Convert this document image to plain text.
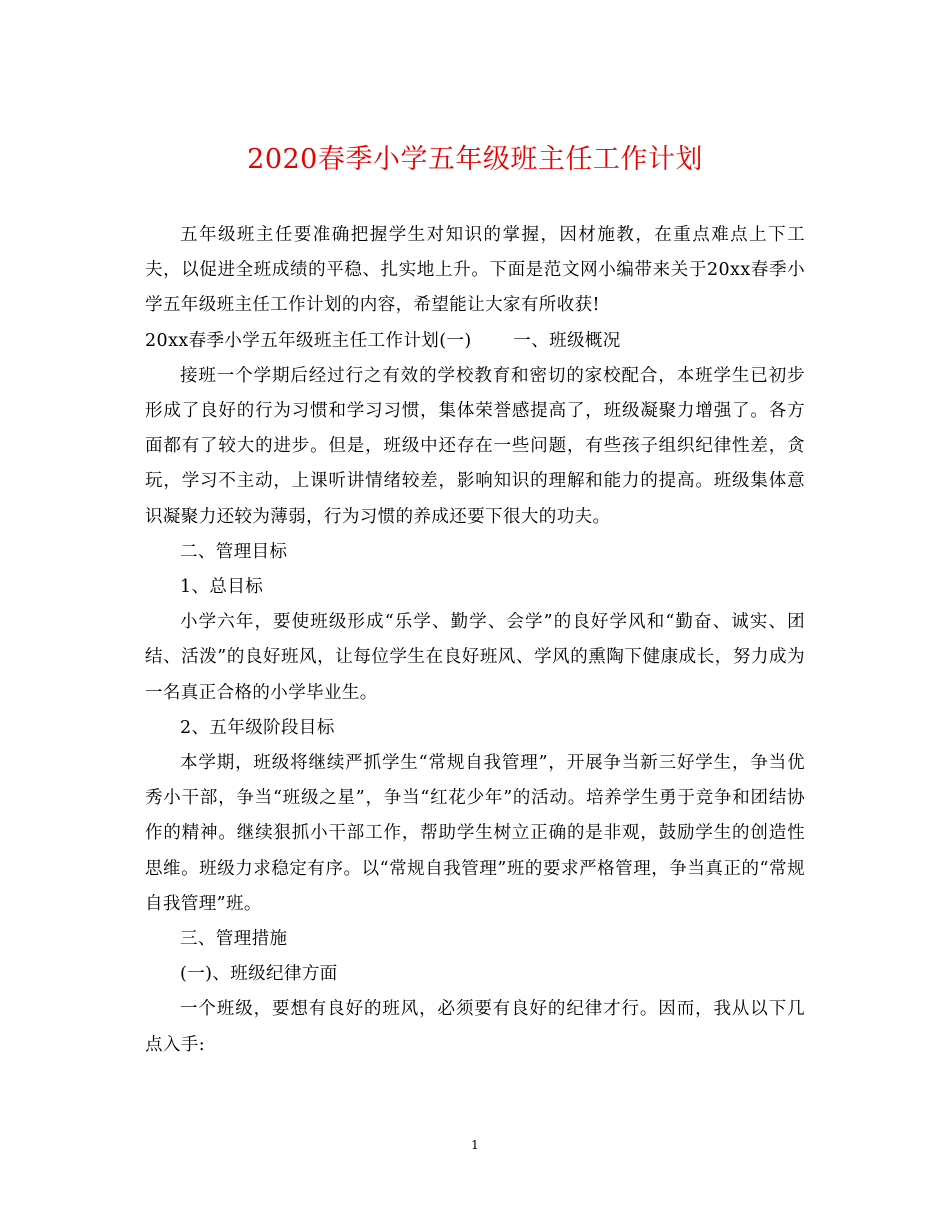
2020春季小学五年级班主任工作计划

五年级班主任要准确把握学生对知识的掌握，因材施教，在重点难点上下工夫，以促进全班成绩的平稳、扎实地上升。下面是范文网小编带来关于20xx春季小学五年级班主任工作计划的内容，希望能让大家有所收获!

20xx春季小学五年级班主任工作计划(一)       一、班级概况

接班一个学期后经过行之有效的学校教育和密切的家校配合，本班学生已初步形成了良好的行为习惯和学习习惯，集体荣誉感提高了，班级凝聚力增强了。各方面都有了较大的进步。但是，班级中还存在一些问题，有些孩子组织纪律性差，贪玩，学习不主动，上课听讲情绪较差，影响知识的理解和能力的提高。班级集体意识凝聚力还较为薄弱，行为习惯的养成还要下很大的功夫。

二、管理目标

1、总目标

小学六年，要使班级形成“乐学、勤学、会学”的良好学风和“勤奋、诚实、团结、活泼”的良好班风，让每位学生在良好班风、学风的熏陶下健康成长，努力成为一名真正合格的小学毕业生。

2、五年级阶段目标

本学期，班级将继续严抓学生“常规自我管理”，开展争当新三好学生，争当优秀小干部，争当“班级之星”，争当“红花少年”的活动。培养学生勇于竞争和团结协作的精神。继续狠抓小干部工作，帮助学生树立正确的是非观，鼓励学生的创造性思维。班级力求稳定有序。以“常规自我管理”班的要求严格管理，争当真正的“常规自我管理”班。

三、管理措施

(一)、班级纪律方面

一个班级，要想有良好的班风，必须要有良好的纪律才行。因而，我从以下几点入手:

1
